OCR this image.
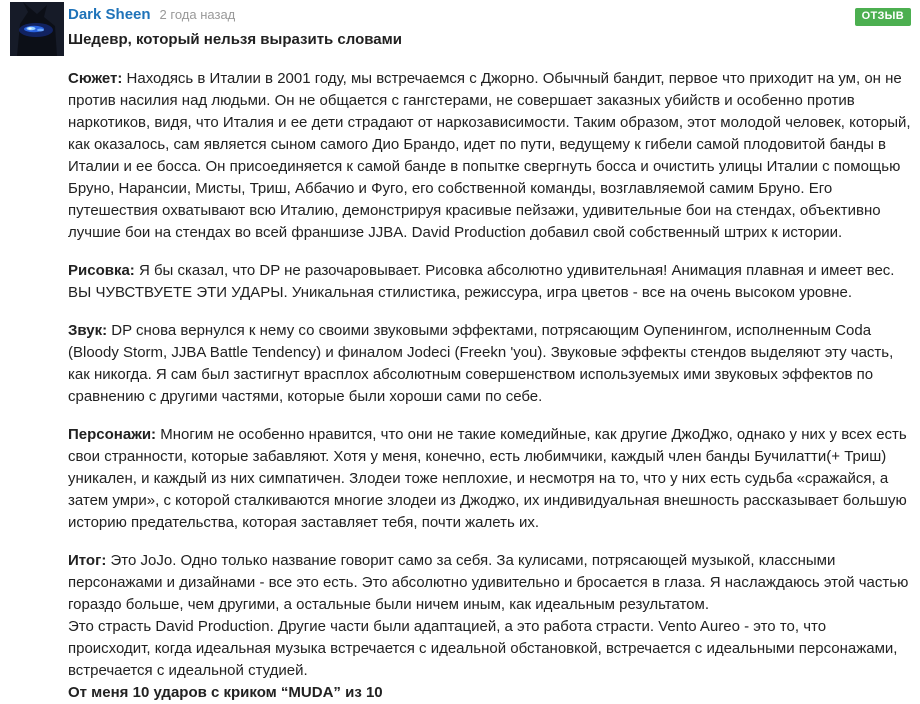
ОТЗЫВ
Dark Sheen 2 года назад
Шедевр, который нельзя выразить словами

Сюжет: Находясь в Италии в 2001 году, мы встречаемся с Джорно. Обычный бандит, первое что приходит на ум, он не против насилия над людьми. Он не общается с гангстерами, не совершает заказных убийств и особенно против наркотиков, видя, что Италия и ее дети страдают от наркозависимости. Таким образом, этот молодой человек, который, как оказалось, сам является сыном самого Дио Брандо, идет по пути, ведущему к гибели самой плодовитой банды в Италии и ее босса. Он присоединяется к самой банде в попытке свергнуть босса и очистить улицы Италии с помощью Бруно, Нарансии, Мисты, Триш, Аббачио и Фуго, его собственной команды, возглавляемой самим Бруно. Его путешествия охватывают всю Италию, демонстрируя красивые пейзажи, удивительные бои на стендах, объективно лучшие бои на стендах во всей франшизе JJBA. David Production добавил свой собственный штрих к истории.

Рисовка: Я бы сказал, что DP не разочаровывает. Рисовка абсолютно удивительная! Анимация плавная и имеет вес. ВЫ ЧУВСТВУЕТЕ ЭТИ УДАРЫ. Уникальная стилистика, режиссура, игра цветов - все на очень высоком уровне.

Звук: DP снова вернулся к нему со своими звуковыми эффектами, потрясающим Оупенингом, исполненным Coda (Bloody Storm, JJBA Battle Tendency) и финалом Jodeci (Freekn 'you). Звуковые эффекты стендов выделяют эту часть, как никогда. Я сам был застигнут врасплох абсолютным совершенством используемых ими звуковых эффектов по сравнению с другими частями, которые были хороши сами по себе.

Персонажи: Многим не особенно нравится, что они не такие комедийные, как другие ДжоДжо, однако у них у всех есть свои странности, которые забавляют. Хотя у меня, конечно, есть любимчики, каждый член банды Бучилатти(+ Триш) уникален, и каждый из них симпатичен. Злодеи тоже неплохие, и несмотря на то, что у них есть судьба «сражайся, а затем умри», с которой сталкиваются многие злодеи из Джоджо, их индивидуальная внешность рассказывает большую историю предательства, которая заставляет тебя, почти жалеть их.

Итог: Это JoJo. Одно только название говорит само за себя. За кулисами, потрясающей музыкой, классными персонажами и дизайнами - все это есть. Это абсолютно удивительно и бросается в глаза. Я наслаждаюсь этой частью гораздо больше, чем другими, а остальные были ничем иным, как идеальным результатом.
Это страсть David Production. Другие части были адаптацией, а это работа страсти. Vento Aureo - это то, что происходит, когда идеальная музыка встречается с идеальной обстановкой, встречается с идеальными персонажами, встречается с идеальной студией.
От меня 10 ударов с криком “MUDA” из 10
